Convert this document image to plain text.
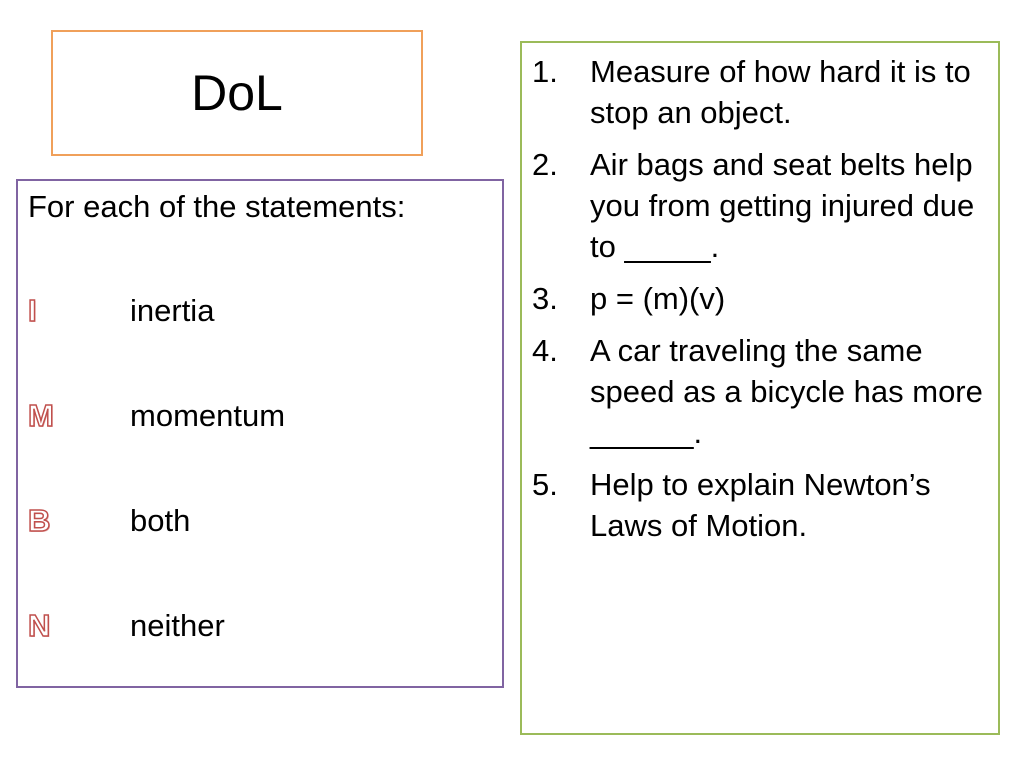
DoL

For each of the statements:

I	inertia
M	momentum
B	both
N	neither
1.	Measure of how hard it is to stop an object.
2.	Air bags and seat belts help you from getting injured due to _____.
3.	p = (m)(v)
4.	A car traveling the same speed as a bicycle has more ______.
5.	Help to explain Newton’s Laws of Motion.
